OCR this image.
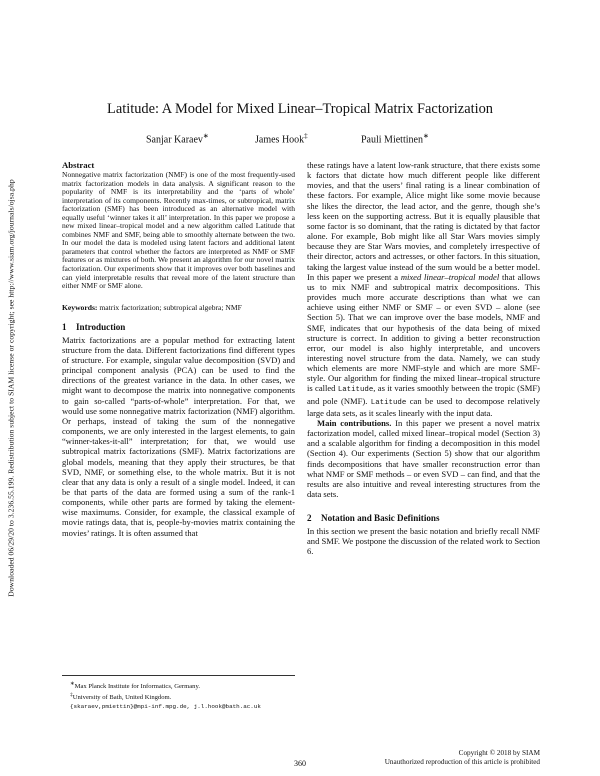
Downloaded 06/29/20 to 3.236.55.199. Redistribution subject to SIAM license or copyright; see http://www.siam.org/journals/ojsa.php
Latitude: A Model for Mixed Linear–Tropical Matrix Factorization
Sanjar Karaev∗	James Hook‡	Pauli Miettinen∗
Abstract

Nonnegative matrix factorization (NMF) is one of the most frequently-used matrix factorization models in data analysis. A significant reason to the popularity of NMF is its interpretability and the ‘parts of whole’ interpretation of its components. Recently max-times, or subtropical, matrix factorization (SMF) has been introduced as an alternative model with equally useful ‘winner takes it all’ interpretation. In this paper we propose a new mixed linear–tropical model and a new algorithm called Latitude that combines NMF and SMF, being able to smoothly alternate between the two. In our model the data is modeled using latent factors and additional latent parameters that control whether the factors are interpreted as NMF or SMF features or as mixtures of both. We present an algorithm for our novel matrix factorization. Our experiments show that it improves over both baselines and can yield interpretable results that reveal more of the latent structure than either NMF or SMF alone.

Keywords: matrix factorization; subtropical algebra; NMF

1 Introduction

Matrix factorizations are a popular method for extracting latent structure from the data. Different factorizations find different types of structure. For example, singular value decomposition (SVD) and principal component analysis (PCA) can be used to find the directions of the greatest variance in the data. In other cases, we might want to decompose the matrix into nonnegative components to gain so-called “parts-of-whole” interpretation. For that, we would use some nonnegative matrix factorization (NMF) algorithm. Or perhaps, instead of taking the sum of the nonnegative components, we are only interested in the largest elements, to gain “winner-takes-it-all” interpretation; for that, we would use subtropical matrix factorizations (SMF). Matrix factorizations are global models, meaning that they apply their structures, be that SVD, NMF, or something else, to the whole matrix. But it is not clear that any data is only a result of a single model. Indeed, it can be that parts of the data are formed using a sum of the rank-1 components, while other parts are formed by taking the element-wise maximums. Consider, for example, the classical example of movie ratings data, that is, people-by-movies matrix containing the movies’ ratings. It is often assumed that

these ratings have a latent low-rank structure, that there exists some k factors that dictate how much different people like different movies, and that the users’ final rating is a linear combination of these factors. For example, Alice might like some movie because she likes the director, the lead actor, and the genre, though she’s less keen on the supporting actress. But it is equally plausible that some factor is so dominant, that the rating is dictated by that factor alone. For example, Bob might like all Star Wars movies simply because they are Star Wars movies, and completely irrespective of their director, actors and actresses, or other factors. In this situation, taking the largest value instead of the sum would be a better model. In this paper we present a mixed linear–tropical model that allows us to mix NMF and subtropical matrix decompositions. This provides much more accurate descriptions than what we can achieve using either NMF or SMF – or even SVD – alone (see Section 5). That we can improve over the base models, NMF and SMF, indicates that our hypothesis of the data being of mixed structure is correct. In addition to giving a better reconstruction error, our model is also highly interpretable, and uncovers interesting novel structure from the data. Namely, we can study which elements are more NMF-style and which are more SMF-style. Our algorithm for finding the mixed linear–tropical structure is called Latitude, as it varies smoothly between the tropic (SMF) and pole (NMF). Latitude can be used to decompose relatively large data sets, as it scales linearly with the input data.

Main contributions. In this paper we present a novel matrix factorization model, called mixed linear–tropical model (Section 3) and a scalable algorithm for finding a decomposition in this model (Section 4). Our experiments (Section 5) show that our algorithm finds decompositions that have smaller reconstruction error than what NMF or SMF methods – or even SVD – can find, and that the results are also intuitive and reveal interesting structures from the data sets.

2 Notation and Basic Definitions

In this section we present the basic notation and briefly recall NMF and SMF. We postpone the discussion of the related work to Section 6.

∗Max Planck Institute for Informatics, Germany.
‡University of Bath, United Kingdom.
{skaraev,pmiettin}@mpi-inf.mpg.de, j.l.hook@bath.ac.uk
360
Copyright © 2018 by SIAM
Unauthorized reproduction of this article is prohibited
